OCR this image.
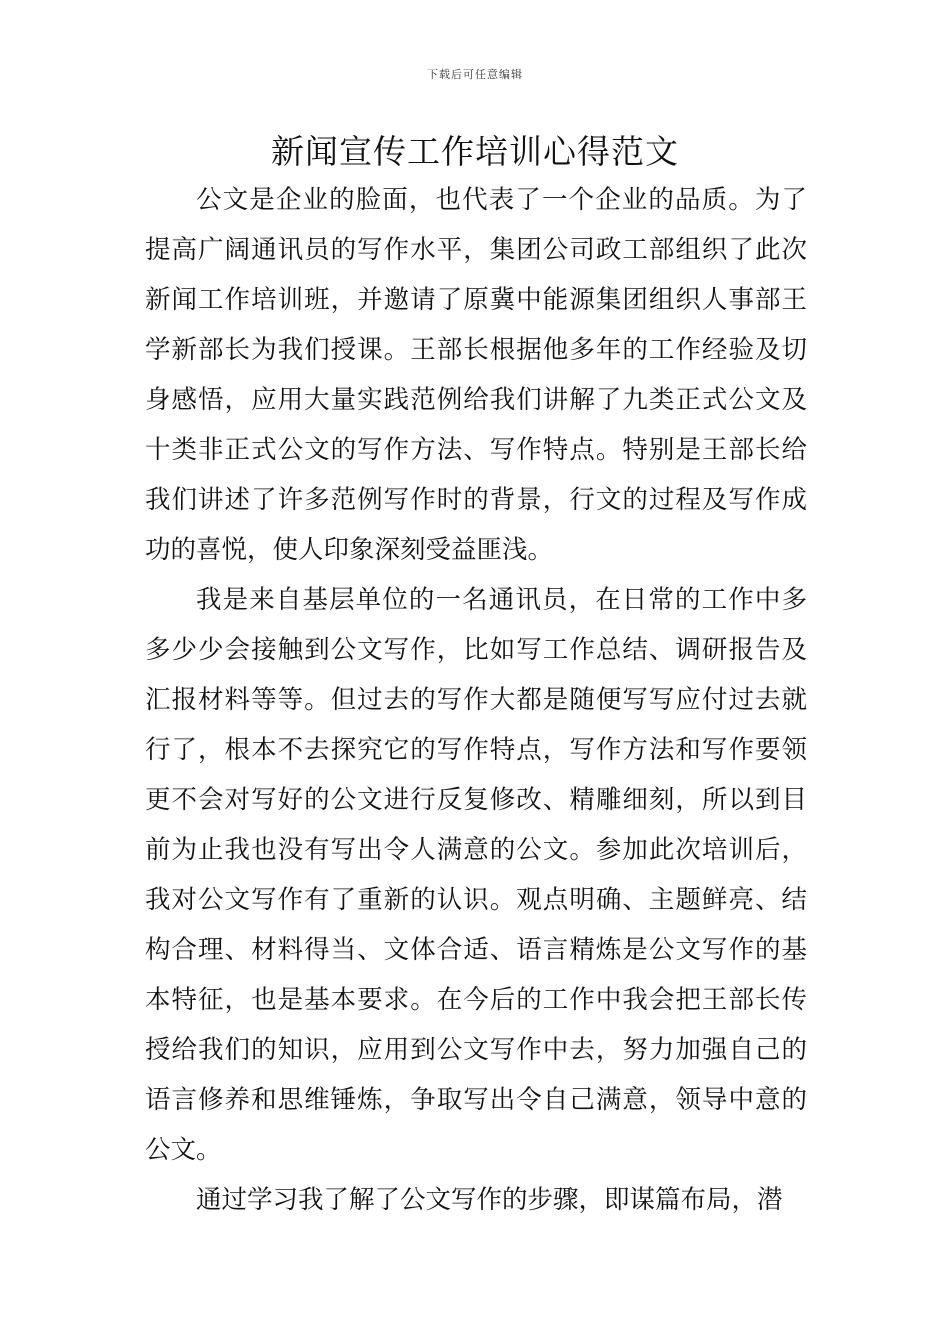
下载后可任意编辑
新闻宣传工作培训心得范文

公文是企业的脸面，也代表了一个企业的品质。为了提高广阔通讯员的写作水平，集团公司政工部组织了此次新闻工作培训班，并邀请了原冀中能源集团组织人事部王学新部长为我们授课。王部长根据他多年的工作经验及切身感悟，应用大量实践范例给我们讲解了九类正式公文及十类非正式公文的写作方法、写作特点。特别是王部长给我们讲述了许多范例写作时的背景，行文的过程及写作成功的喜悦，使人印象深刻受益匪浅。

我是来自基层单位的一名通讯员，在日常的工作中多多少少会接触到公文写作，比如写工作总结、调研报告及汇报材料等等。但过去的写作大都是随便写写应付过去就行了，根本不去探究它的写作特点，写作方法和写作要领更不会对写好的公文进行反复修改、精雕细刻，所以到目前为止我也没有写出令人满意的公文。参加此次培训后，我对公文写作有了重新的认识。观点明确、主题鲜亮、结构合理、材料得当、文体合适、语言精炼是公文写作的基本特征，也是基本要求。在今后的工作中我会把王部长传授给我们的知识，应用到公文写作中去，努力加强自己的语言修养和思维锤炼，争取写出令自己满意，领导中意的公文。

通过学习我了解了公文写作的步骤，即谋篇布局，潜
